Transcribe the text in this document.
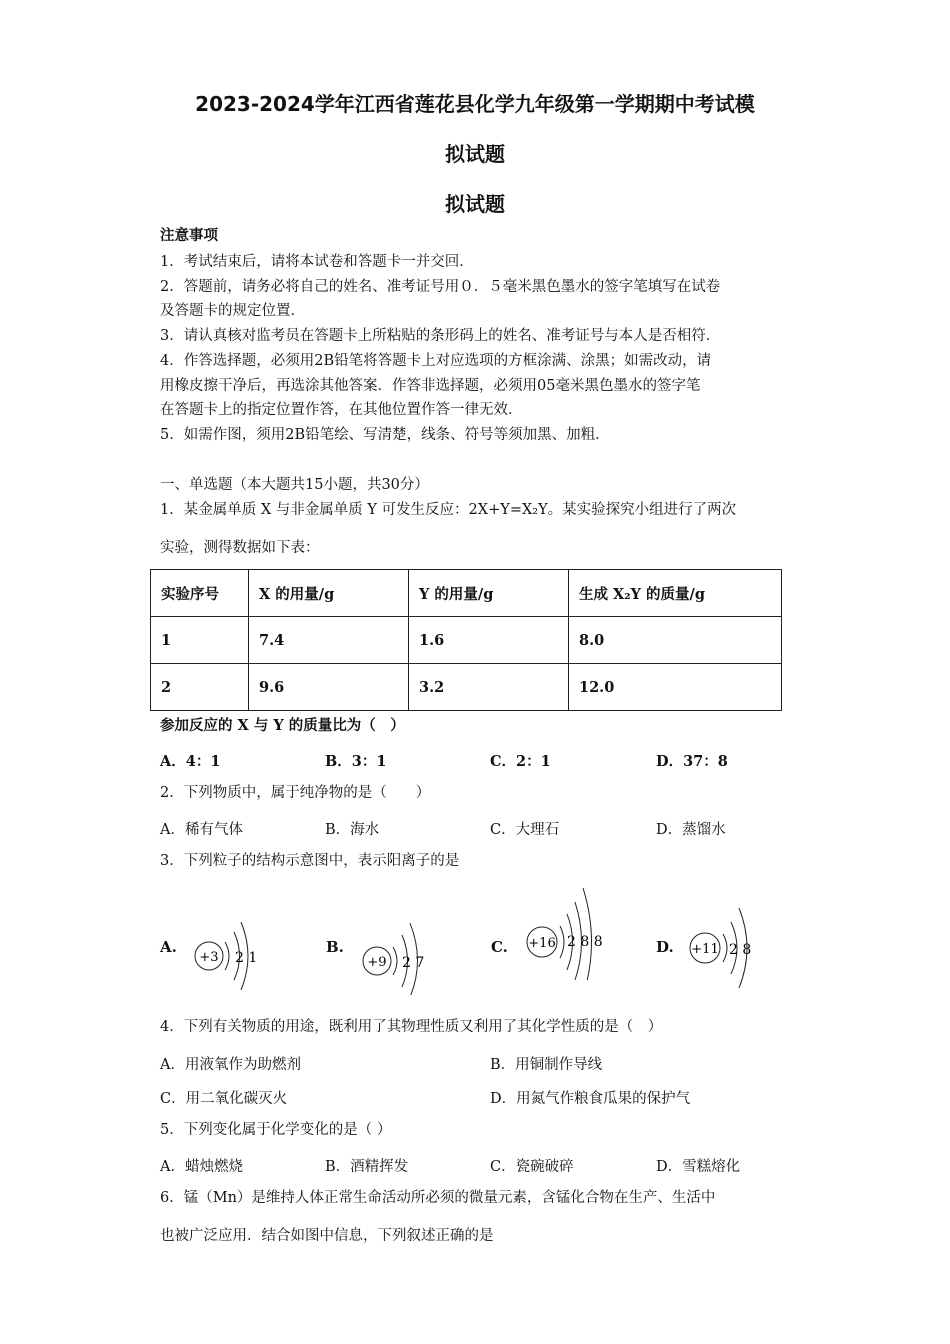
2023-2024学年江西省莲花县化学九年级第一学期期中考试模
拟试题
拟试题
注意事项
1．考试结束后，请将本试卷和答题卡一并交回．
2．答题前，请务必将自己的姓名、准考证号用０．５毫米黑色墨水的签字笔填写在试卷
及答题卡的规定位置．
3．请认真核对监考员在答题卡上所粘贴的条形码上的姓名、准考证号与本人是否相符．
4．作答选择题，必须用2B铅笔将答题卡上对应选项的方框涂满、涂黑；如需改动，请
用橡皮擦干净后，再选涂其他答案．作答非选择题，必须用05毫米黑色墨水的签字笔
在答题卡上的指定位置作答，在其他位置作答一律无效．
5．如需作图，须用2B铅笔绘、写清楚，线条、符号等须加黑、加粗．
一、单选题（本大题共15小题，共30分）
1．某金属单质 X 与非金属单质 Y 可发生反应：2X+Y=X₂Y。某实验探究小组进行了两次
实验，测得数据如下表：
实验序号	X 的用量/g	Y 的用量/g	生成 X₂Y 的质量/g
1	7.4	1.6	8.0
2	9.6	3.2	12.0
参加反应的 X 与 Y 的质量比为（　）
A．4：1	B．3：1	C．2：1	D．37：8
2．下列物质中，属于纯净物的是（　　）
A．稀有气体	B．海水	C．大理石	D．蒸馏水
3．下列粒子的结构示意图中，表示阳离子的是
A.	B.	C.	D.
+3 2 1	+9 2 7
+16 2 8 8	+11 2 8
4．下列有关物质的用途，既利用了其物理性质又利用了其化学性质的是（　）
A．用液氧作为助燃剂	B．用铜制作导线
C．用二氧化碳灭火	D．用氮气作粮食瓜果的保护气
5．下列变化属于化学变化的是（ ）
A．蜡烛燃烧	B．酒精挥发	C．瓷碗破碎	D．雪糕熔化
6．锰（Mn）是维持人体正常生命活动所必须的微量元素，含锰化合物在生产、生活中
也被广泛应用．结合如图中信息，下列叙述正确的是
